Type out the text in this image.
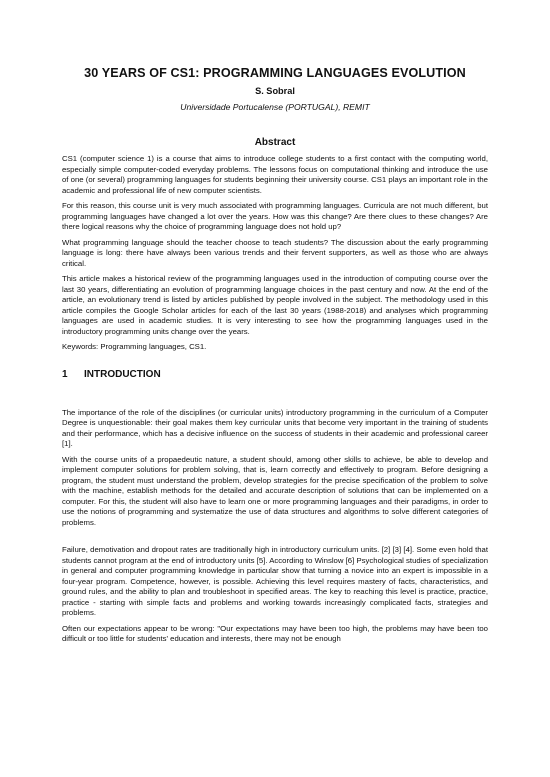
30 YEARS OF CS1: PROGRAMMING LANGUAGES EVOLUTION
S. Sobral
Universidade Portucalense (PORTUGAL), REMIT
Abstract

CS1 (computer science 1) is a course that aims to introduce college students to a first contact with the computing world, especially simple computer-coded everyday problems. The lessons focus on computational thinking and introduce the use of one (or several) programming languages for students beginning their university course. CS1 plays an important role in the academic and professional life of new computer scientists.

For this reason, this course unit is very much associated with programming languages. Curricula are not much different, but programming languages have changed a lot over the years. How was this change? Are there clues to these changes? Are there logical reasons why the choice of programming language does not hold up?

What programming language should the teacher choose to teach students? The discussion about the early programming language is long: there have always been various trends and their fervent supporters, as well as those who are always critical.

This article makes a historical review of the programming languages used in the introduction of computing course over the last 30 years, differentiating an evolution of programming language choices in the past century and now. At the end of the article, an evolutionary trend is listed by articles published by people involved in the subject. The methodology used in this article compiles the Google Scholar articles for each of the last 30 years (1988-2018) and analyses which programming languages are used in academic studies. It is very interesting to see how the programming languages used in the introductory programming units change over the years.

Keywords: Programming languages, CS1.

1 INTRODUCTION

The importance of the role of the disciplines (or curricular units) introductory programming in the curriculum of a Computer Degree is unquestionable: their goal makes them key curricular units that become very important in the training of students and their performance, which has a decisive influence on the success of students in their academic and professional career [1].

With the course units of a propaedeutic nature, a student should, among other skills to achieve, be able to develop and implement computer solutions for problem solving, that is, learn correctly and effectively to program. Before designing a program, the student must understand the problem, develop strategies for the precise specification of the problem to solve with the machine, establish methods for the detailed and accurate description of solutions that can be implemented on a computer. For this, the student will also have to learn one or more programming languages and their paradigms, in order to use the notions of programming and systematize the use of data structures and algorithms to solve different categories of problems.

Failure, demotivation and dropout rates are traditionally high in introductory curriculum units. [2] [3] [4]. Some even hold that students cannot program at the end of introductory units [5]. According to Winslow [6] Psychological studies of specialization in general and computer programming knowledge in particular show that turning a novice into an expert is impossible in a four-year program. Competence, however, is possible. Achieving this level requires mastery of facts, characteristics, and ground rules, and the ability to plan and troubleshoot in specified areas. The key to reaching this level is practice, practice, practice - starting with simple facts and problems and working towards increasingly complicated facts, strategies and problems.

Often our expectations appear to be wrong: "Our expectations may have been too high, the problems may have been too difficult or too little for students' education and interests, there may not be enough
